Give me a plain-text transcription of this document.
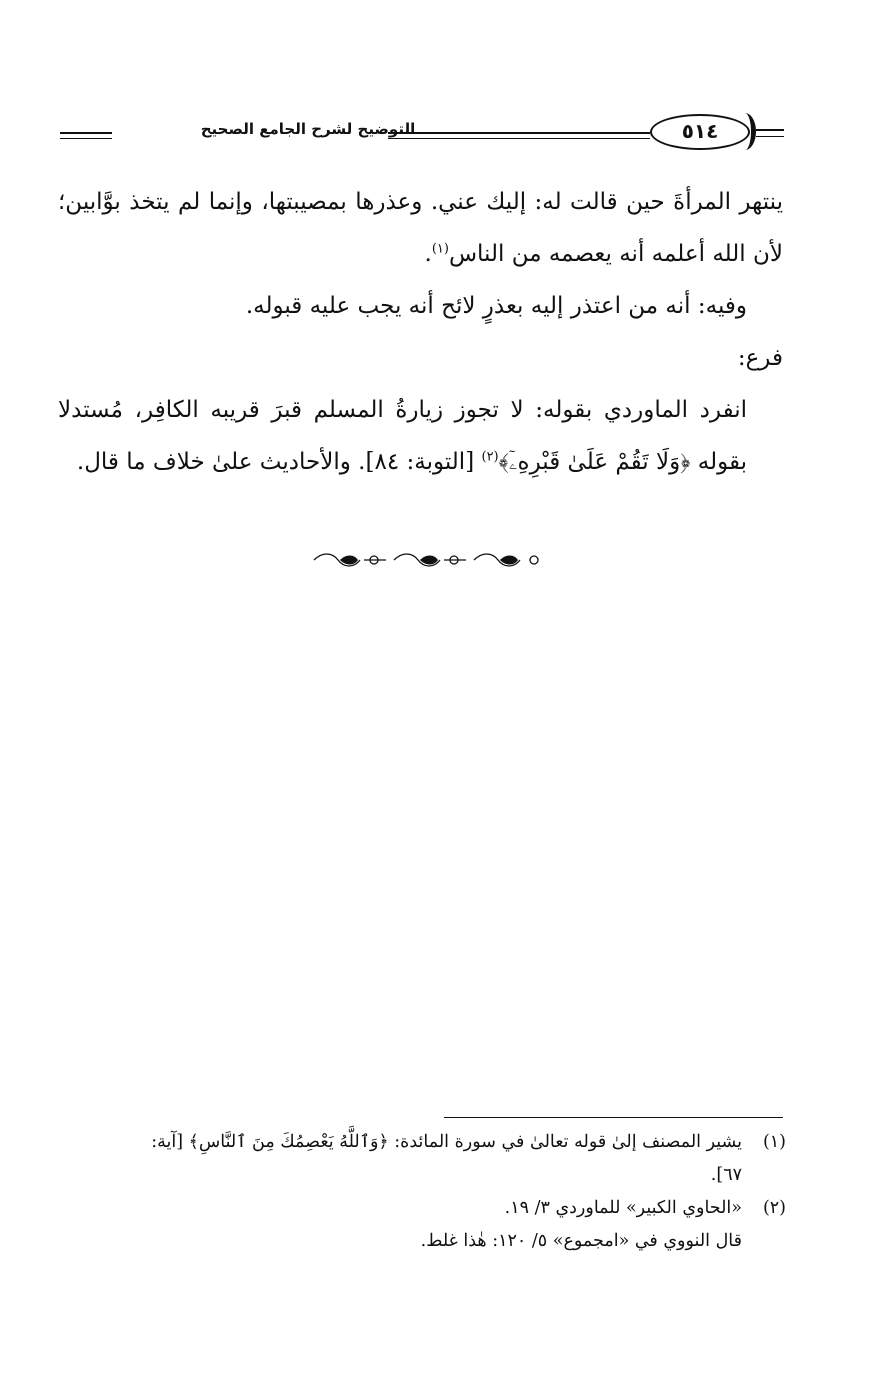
التوضيح لشرح الجامع الصحيح	٥١٤

ينتهر المرأةَ حين قالت له: إليك عني. وعذرها بمصيبتها، وإنما لم يتخذ بوَّابين؛ لأن الله أعلمه أنه يعصمه من الناس$^{(١)}$.

وفيه: أنه من اعتذر إليه بعذرٍ لائح أنه يجب عليه قبوله.

فرع:

انفرد الماوردي بقوله: لا تجوز زيارةُ المسلم قبرَ قريبه الكافِر، مُستدلا بقوله ﴿وَلَا تَقُمْ عَلَىٰ قَبْرِهِۦٓ﴾$^{(٢)}$ [التوبة: ٨٤]. والأحاديث علىٰ خلاف ما قال.

(١)
يشير المصنف إلىٰ قوله تعالىٰ في سورة المائدة: ﴿وَٱللَّهُ يَعْصِمُكَ مِنَ ٱلنَّاسِ﴾ [آية:
٦٧].
(٢)
«الحاوي الكبير» للماوردي ٣/ ١٩.
قال النووي في «امجموع» ٥/ ١٢٠: هٰذا غلط.
